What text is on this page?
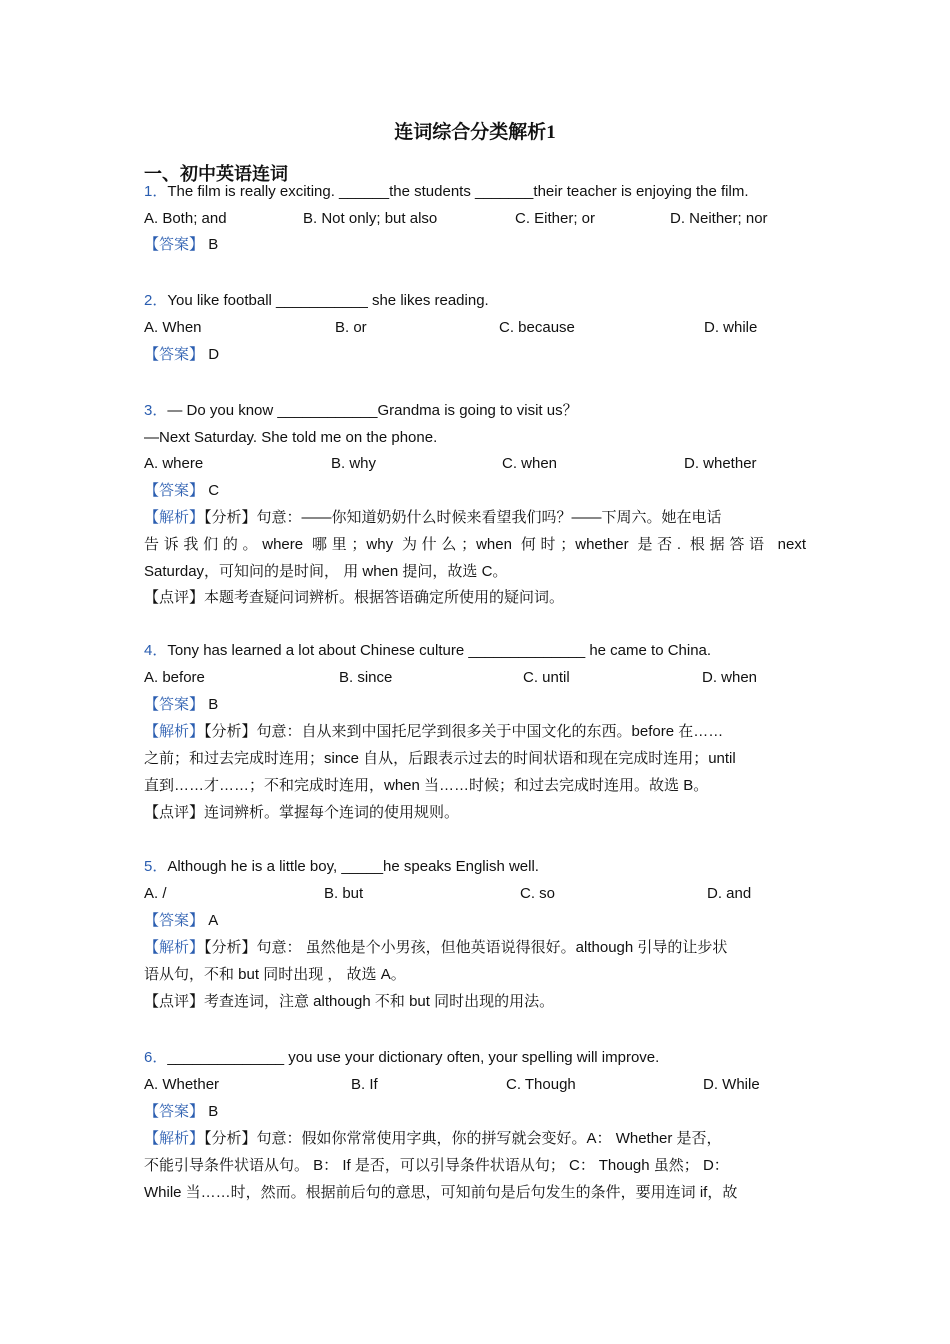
连词综合分类解析1
一、初中英语连词
1．The film is really exciting. ______the students _______their teacher is enjoying the film.
A. Both; and	B. Not only; but also	C. Either; or	D. Neither; nor
【答案】 B
2．You like football ___________ she likes reading.
A. When	B. or	C. because	D. while
【答案】 D
3．— Do you know ____________Grandma is going to visit us？
—Next Saturday. She told me on the phone.
A. where	B. why	C. when	D. whether
【答案】 C
【解析】【分析】句意：——你知道奶奶什么时候来看望我们吗？——下周六。她在电话
告诉我们的。where 哪里；why 为什么；when 何时；whether 是否. 根据答语 next
Saturday，可知问的是时间， 用 when 提问，故选 C。
【点评】本题考查疑问词辨析。根据答语确定所使用的疑问词。
4．Tony has learned a lot about Chinese culture ______________ he came to China.
A. before	B. since	C. until	D. when
【答案】 B
【解析】【分析】句意：自从来到中国托尼学到很多关于中国文化的东西。before 在……
之前；和过去完成时连用；since 自从，后跟表示过去的时间状语和现在完成时连用；until
直到……才……；不和完成时连用，when 当……时候；和过去完成时连用。故选 B。
【点评】连词辨析。掌握每个连词的使用规则。
5．Although he is a little boy, _____he speaks English well.
A. /	B. but	C. so	D. and
【答案】 A
【解析】【分析】句意： 虽然他是个小男孩，但他英语说得很好。although 引导的让步状
语从句，不和 but 同时出现 ， 故选 A。
【点评】考查连词，注意 although 不和 but 同时出现的用法。
6．______________ you use your dictionary often, your spelling will improve.
A. Whether	B. If	C. Though	D. While
【答案】 B
【解析】【分析】句意：假如你常常使用字典，你的拼写就会变好。A： Whether 是否，
不能引导条件状语从句。 B： If 是否，可以引导条件状语从句； C： Though 虽然； D：
While 当……时，然而。根据前后句的意思，可知前句是后句发生的条件，要用连词 if，故
